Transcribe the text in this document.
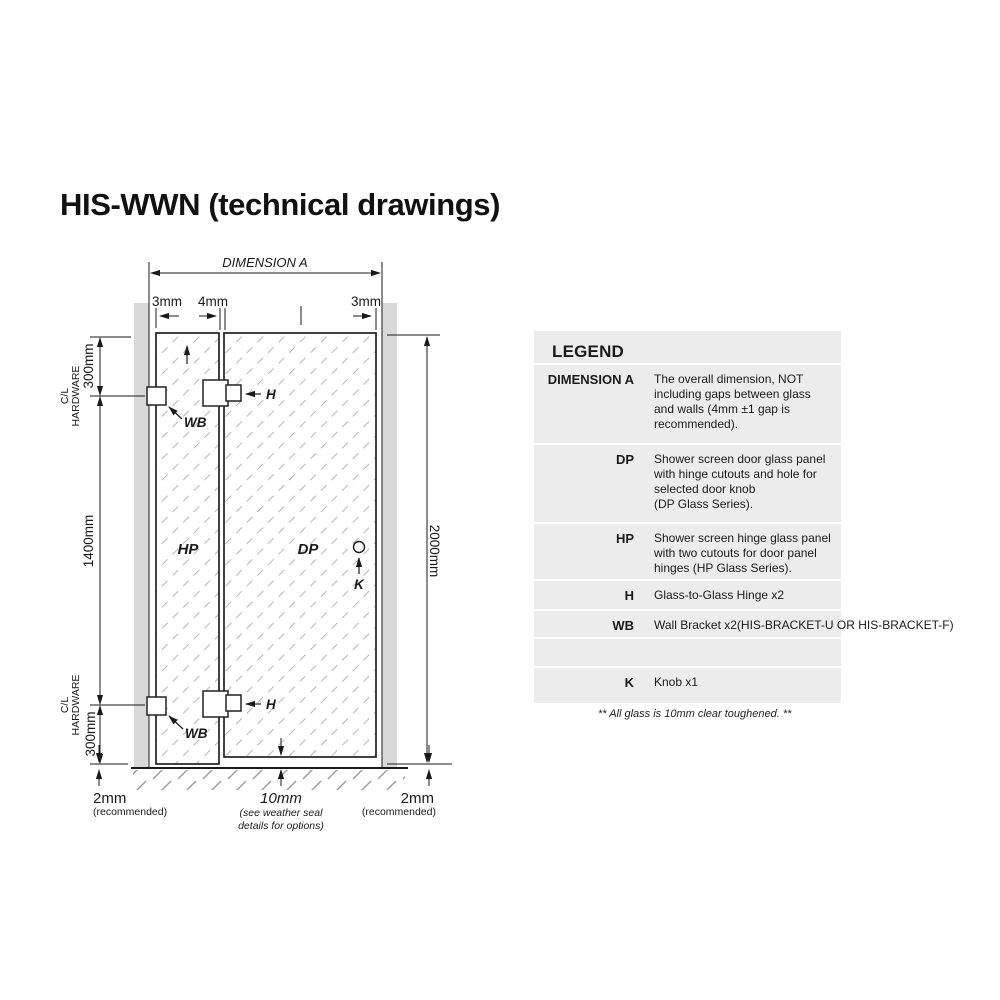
HIS-WWN (technical drawings)
DIMENSION A
3mm 4mm	3mm
HP	DP
WB
H
WB
H
K
300mm
1400mm
300mm
C/L HARDWARE
C/L HARDWARE
2000mm
2mm
(recommended)
10mm
(see weather seal
details for options)
2mm
(recommended)
LEGEND
DIMENSION A The overall dimension, NOT
including gaps between glass
and walls (4mm ±1 gap is
recommended).
DP Shower screen door glass panel
with hinge cutouts and hole for
selected door knob
(DP Glass Series).
HP Shower screen hinge glass panel
with two cutouts for door panel
hinges (HP Glass Series).
H Glass-to-Glass Hinge x2
WB Wall Bracket x2(HIS-BRACKET-U OR HIS-BRACKET-F)
K Knob x1
** All glass is 10mm clear toughened. **
